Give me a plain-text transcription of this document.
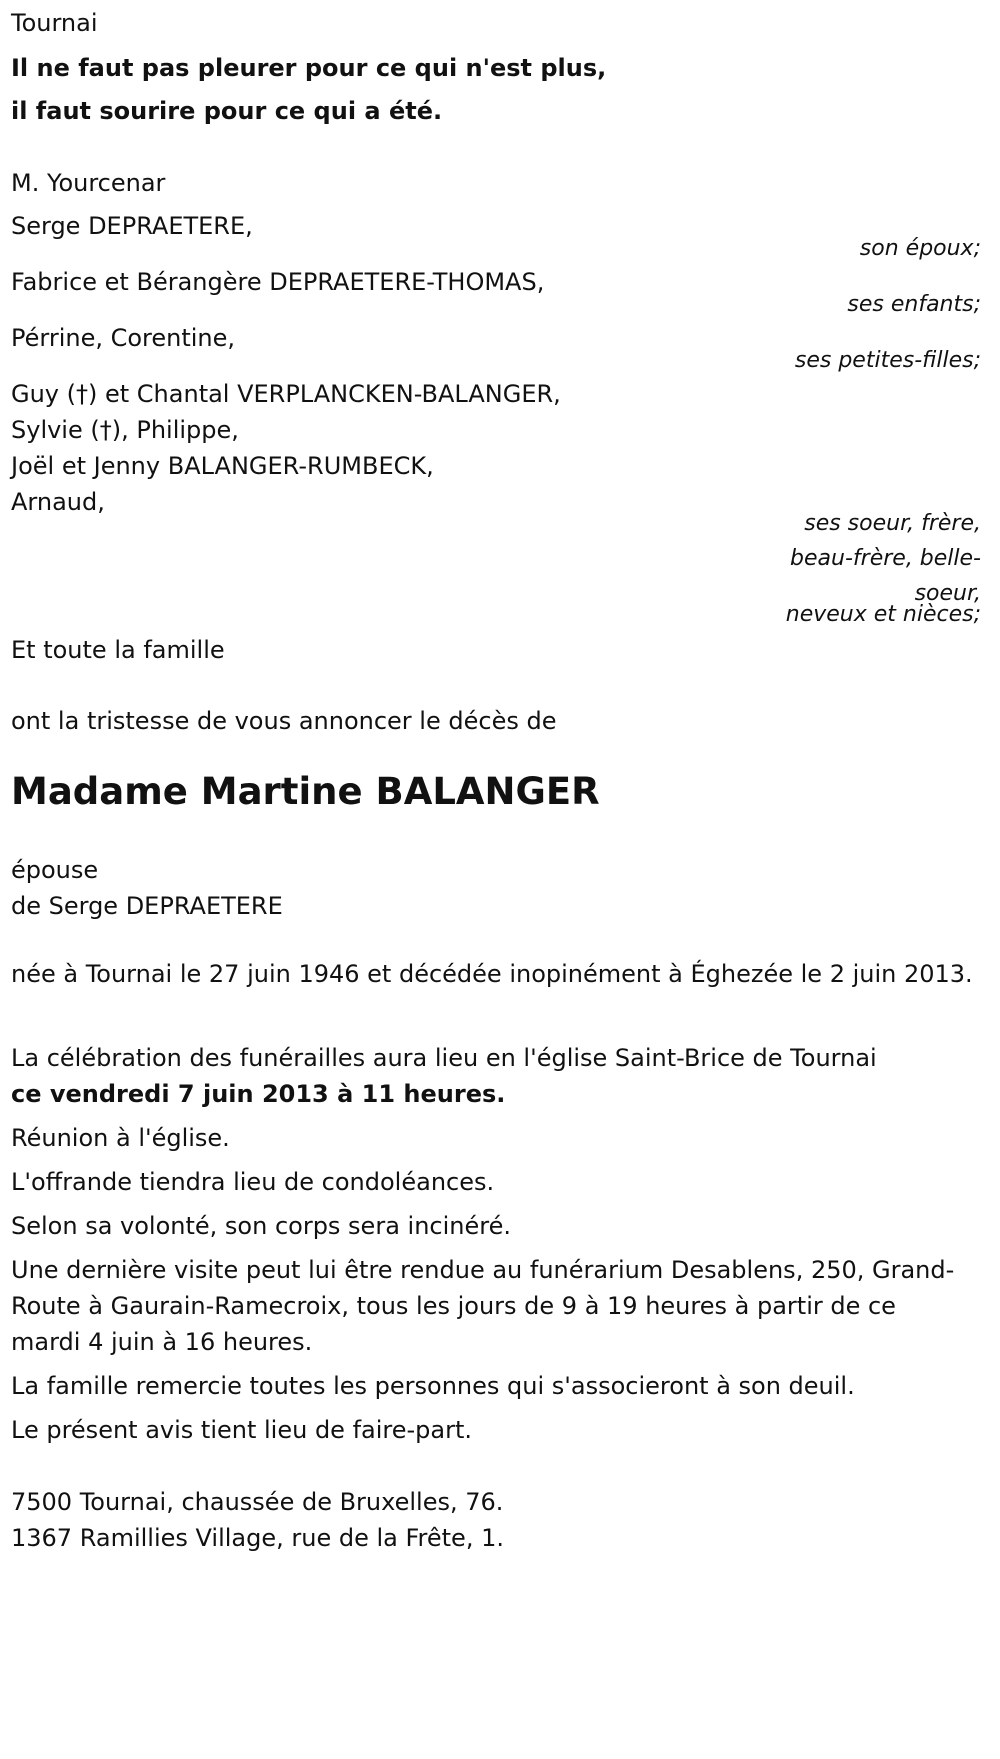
Tournai
Il ne faut pas pleurer pour ce qui n'est plus,
il faut sourire pour ce qui a été.
M. Yourcenar
Serge DEPRAETERE,
son époux;
Fabrice et Bérangère DEPRAETERE-THOMAS,
ses enfants;
Pérrine, Corentine,
ses petites-filles;
Guy (†) et Chantal VERPLANCKEN-BALANGER,
Sylvie (†), Philippe,
Joël et Jenny BALANGER-RUMBECK,
Arnaud,
ses soeur, frère,
beau-frère, belle-
soeur,
neveux et nièces;
Et toute la famille
ont la tristesse de vous annoncer le décès de
Madame Martine BALANGER
épouse
de Serge DEPRAETERE
née à Tournai le 27 juin 1946 et décédée inopinément à Éghezée le 2 juin 2013.
La célébration des funérailles aura lieu en l'église Saint-Brice de Tournai
ce vendredi 7 juin 2013 à 11 heures.
Réunion à l'église.
L'offrande tiendra lieu de condoléances.
Selon sa volonté, son corps sera incinéré.
Une dernière visite peut lui être rendue au funérarium Desablens, 250, Grand-Route à Gaurain-Ramecroix, tous les jours de 9 à 19 heures à partir de ce mardi 4 juin à 16 heures.
La famille remercie toutes les personnes qui s'associeront à son deuil.
Le présent avis tient lieu de faire-part.
7500 Tournai, chaussée de Bruxelles, 76.
1367 Ramillies Village, rue de la Frête, 1.
